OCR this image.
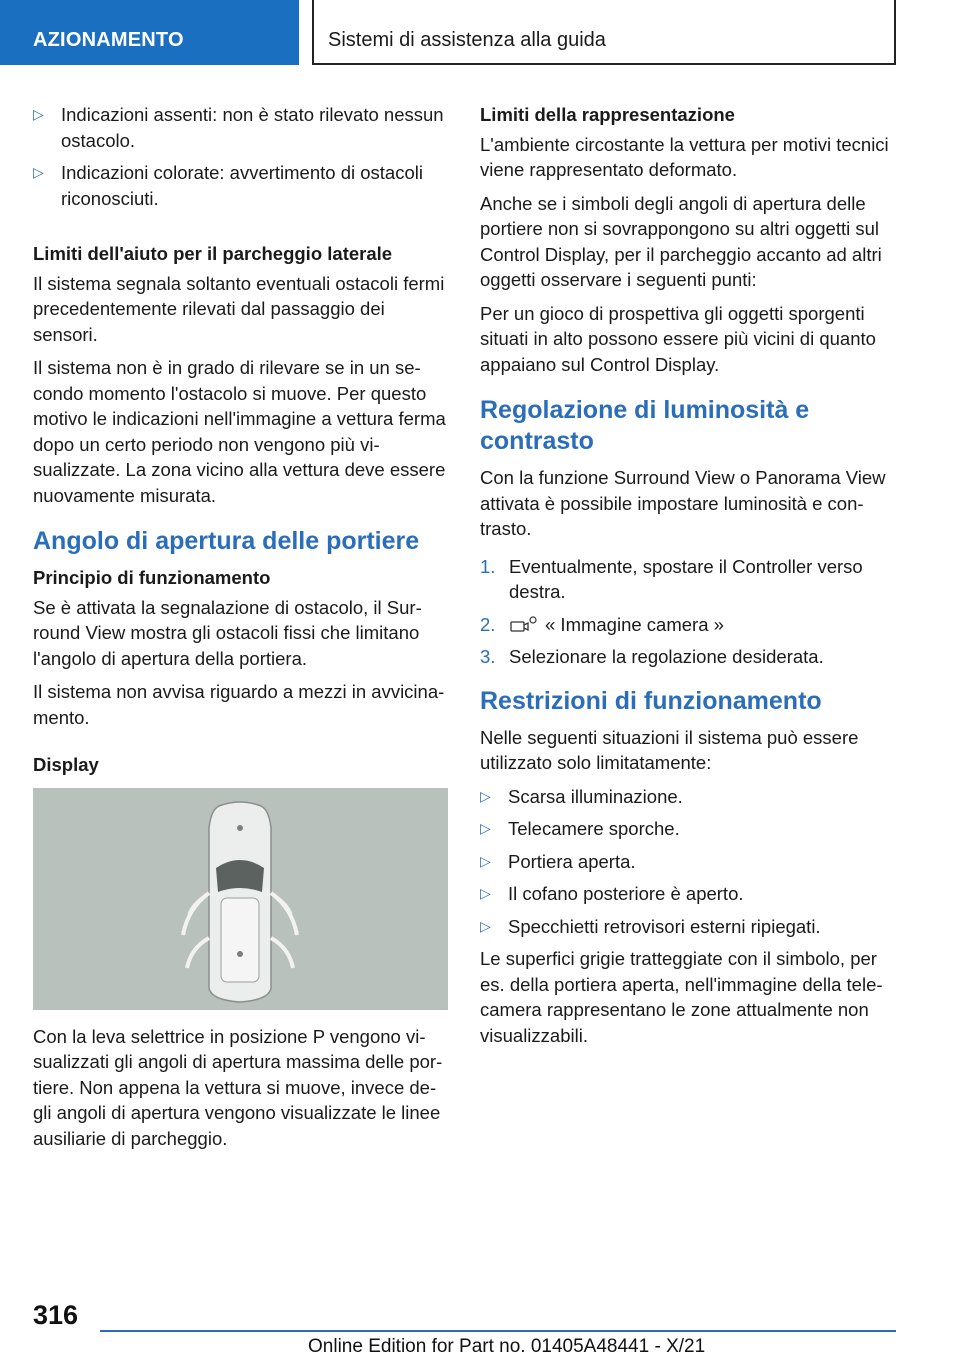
AZIONAMENTO	Sistemi di assistenza alla guida
▷ Indicazioni assenti: non è stato rilevato nessun ostacolo.
▷ Indicazioni colorate: avvertimento di ostacoli riconosciuti.
Limiti dell'aiuto per il parcheggio laterale

Il sistema segnala soltanto eventuali ostacoli fermi precedentemente rilevati dal passaggio dei sensori.

Il sistema non è in grado di rilevare se in un secondo momento l'ostacolo si muove. Per questo motivo le indicazioni nell'immagine a vettura ferma dopo un certo periodo non vengono più visualizzate. La zona vicino alla vettura deve essere nuovamente misurata.

Angolo di apertura delle portiere
Principio di funzionamento

Se è attivata la segnalazione di ostacolo, il Surround View mostra gli ostacoli fissi che limitano l'angolo di apertura della portiera.

Il sistema non avvisa riguardo a mezzi in avvicinamento.

Display

Con la leva selettrice in posizione P vengono visualizzati gli angoli di apertura massima delle portiere. Non appena la vettura si muove, invece degli angoli di apertura vengono visualizzate le linee ausiliarie di parcheggio.

Limiti della rappresentazione

L'ambiente circostante la vettura per motivi tecnici viene rappresentato deformato.

Anche se i simboli degli angoli di apertura delle portiere non si sovrappongono su altri oggetti sul Control Display, per il parcheggio accanto ad altri oggetti osservare i seguenti punti:

Per un gioco di prospettiva gli oggetti sporgenti situati in alto possono essere più vicini di quanto appaiano sul Control Display.

Regolazione di luminosità e contrasto

Con la funzione Surround View o Panorama View attivata è possibile impostare luminosità e contrasto.

1. Eventualmente, spostare il Controller verso destra.
2.	« Immagine camera »
3. Selezionare la regolazione desiderata.
Restrizioni di funzionamento

Nelle seguenti situazioni il sistema può essere utilizzato solo limitatamente:

▷ Scarsa illuminazione.
▷ Telecamere sporche.
▷ Portiera aperta.
▷ Il cofano posteriore è aperto.
▷ Specchietti retrovisori esterni ripiegati.

Le superfici grigie tratteggiate con il simbolo, per es. della portiera aperta, nell'immagine della telecamera rappresentano le zone attualmente non visualizzabili.

316
Online Edition for Part no. 01405A48441 - X/21
